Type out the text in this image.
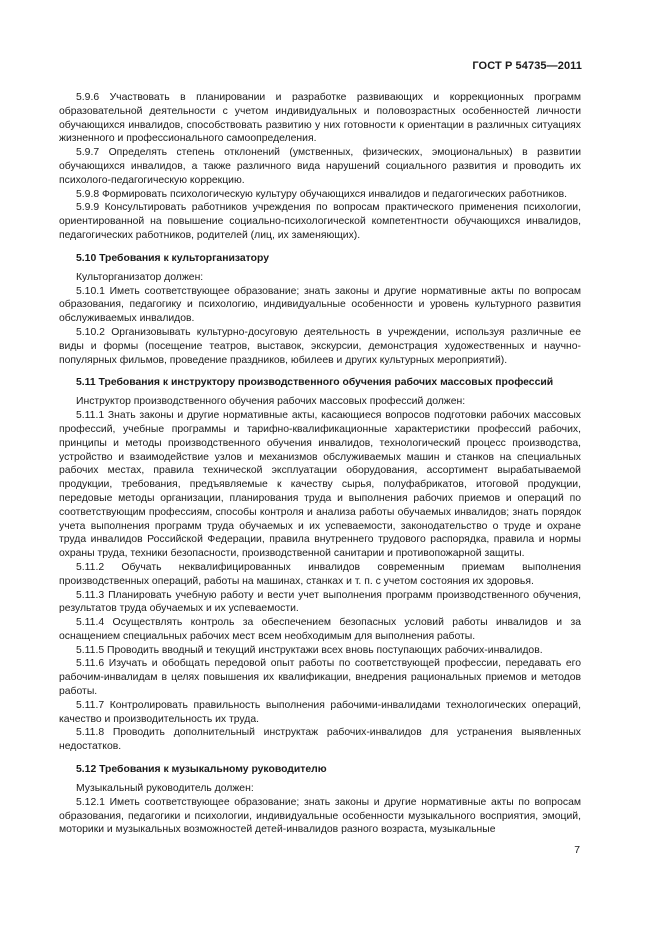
ГОСТ Р 54735—2011

5.9.6 Участвовать в планировании и разработке развивающих и коррекционных программ образовательной деятельности с учетом индивидуальных и половозрастных особенностей личности обучающихся инвалидов, способствовать развитию у них готовности к ориентации в различных ситуациях жизненного и профессионального самоопределения.

5.9.7 Определять степень отклонений (умственных, физических, эмоциональных) в развитии обучающихся инвалидов, а также различного вида нарушений социального развития и проводить их психолого-педагогическую коррекцию.

5.9.8 Формировать психологическую культуру обучающихся инвалидов и педагогических работников.

5.9.9 Консультировать работников учреждения по вопросам практического применения психологии, ориентированной на повышение социально-психологической компетентности обучающихся инвалидов, педагогических работников, родителей (лиц, их заменяющих).

5.10 Требования к культорганизатору

Культорганизатор должен:

5.10.1 Иметь соответствующее образование; знать законы и другие нормативные акты по вопросам образования, педагогику и психологию, индивидуальные особенности и уровень культурного развития обслуживаемых инвалидов.

5.10.2 Организовывать культурно-досуговую деятельность в учреждении, используя различные ее виды и формы (посещение театров, выставок, экскурсии, демонстрация художественных и научно-популярных фильмов, проведение праздников, юбилеев и других культурных мероприятий).

5.11 Требования к инструктору производственного обучения рабочих массовых профессий

Инструктор производственного обучения рабочих массовых профессий должен:

5.11.1 Знать законы и другие нормативные акты, касающиеся вопросов подготовки рабочих массовых профессий, учебные программы и тарифно-квалификационные характеристики профессий рабочих, принципы и методы производственного обучения инвалидов, технологический процесс производства, устройство и взаимодействие узлов и механизмов обслуживаемых машин и станков на специальных рабочих местах, правила технической эксплуатации оборудования, ассортимент вырабатываемой продукции, требования, предъявляемые к качеству сырья, полуфабрикатов, итоговой продукции, передовые методы организации, планирования труда и выполнения рабочих приемов и операций по соответствующим профессиям, способы контроля и анализа работы обучаемых инвалидов; знать порядок учета выполнения программ труда обучаемых и их успеваемости, законодательство о труде и охране труда инвалидов Российской Федерации, правила внутреннего трудового распорядка, правила и нормы охраны труда, техники безопасности, производственной санитарии и противопожарной защиты.

5.11.2 Обучать неквалифицированных инвалидов современным приемам выполнения производственных операций, работы на машинах, станках и т. п. с учетом состояния их здоровья.

5.11.3 Планировать учебную работу и вести учет выполнения программ производственного обучения, результатов труда обучаемых и их успеваемости.

5.11.4 Осуществлять контроль за обеспечением безопасных условий работы инвалидов и за оснащением специальных рабочих мест всем необходимым для выполнения работы.

5.11.5 Проводить вводный и текущий инструктажи всех вновь поступающих рабочих-инвалидов.

5.11.6 Изучать и обобщать передовой опыт работы по соответствующей профессии, передавать его рабочим-инвалидам в целях повышения их квалификации, внедрения рациональных приемов и методов работы.

5.11.7 Контролировать правильность выполнения рабочими-инвалидами технологических операций, качество и производительность их труда.

5.11.8 Проводить дополнительный инструктаж рабочих-инвалидов для устранения выявленных недостатков.

5.12 Требования к музыкальному руководителю

Музыкальный руководитель должен:

5.12.1 Иметь соответствующее образование; знать законы и другие нормативные акты по вопросам образования, педагогики и психологии, индивидуальные особенности музыкального восприятия, эмоций, моторики и музыкальных возможностей детей-инвалидов разного возраста, музыкальные

7
